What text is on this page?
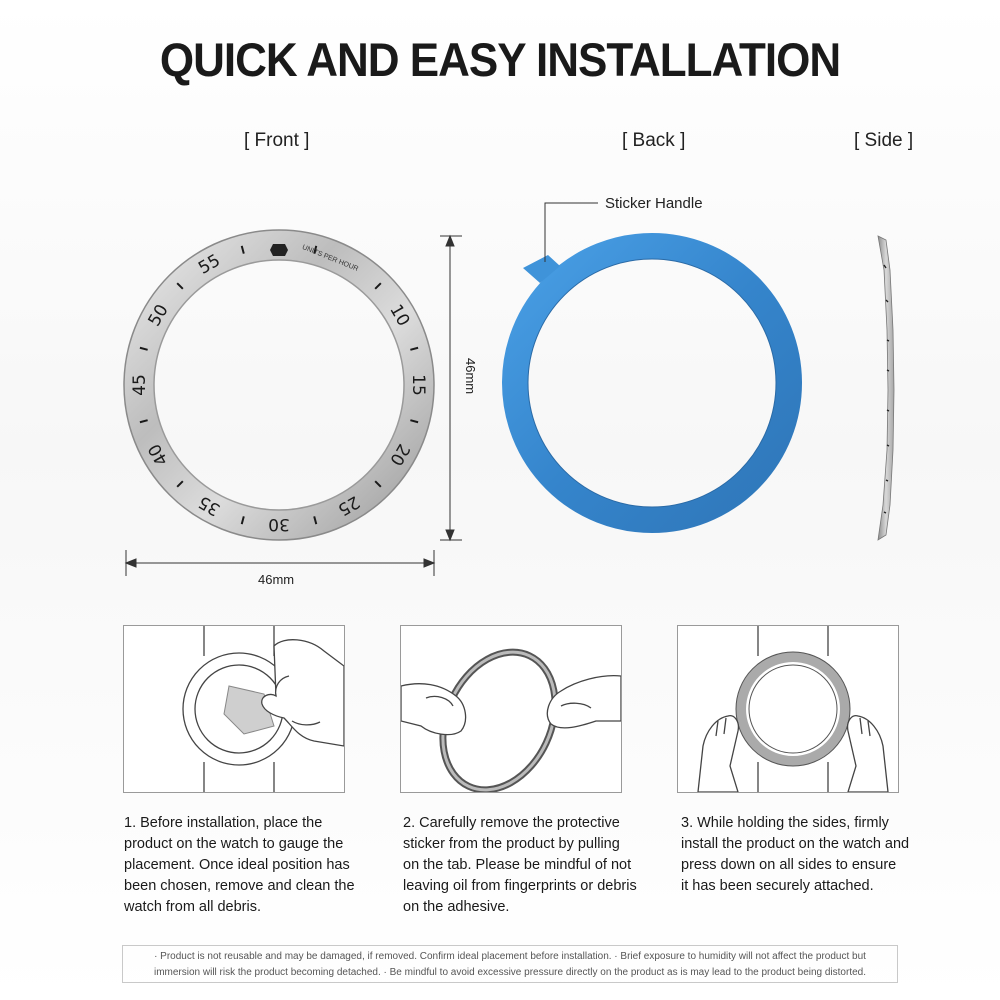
QUICK AND EASY INSTALLATION
[ Front ]	[ Back ]	[ Side ]
55
10
15
20
25
30
35
40
45
50
UNITS PER HOUR
46mm
46mm
Sticker Handle
1. Before installation, place the
product on the watch to gauge the
placement. Once ideal position has
been chosen, remove and clean the
watch from all debris.
2. Carefully remove the protective
sticker from the product by pulling
on the tab. Please be mindful of not
leaving oil from fingerprints or debris
on the adhesive.
3. While holding the sides, firmly
install the product on the watch and
press down on all sides to ensure
it has been securely attached.
· Product is not reusable and may be damaged, if removed. Confirm ideal placement before installation. · Brief exposure to humidity will not affect the product but
immersion will risk the product becoming detached. · Be mindful to avoid excessive pressure directly on the product as is may lead to the product being distorted.
